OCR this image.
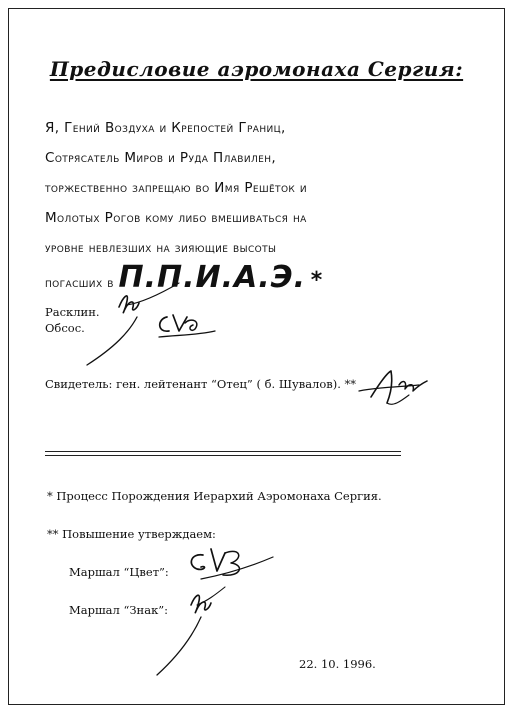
Предисловие аэромонаха Сергия:
Я, Гений Воздуха и Крепостей Границ,
Сотрясатель Миров и Руда Плавилен,
торжественно запрещаю во Имя Решёток и
Молотых Рогов кому либо вмешиваться на
уровне невлезших на зияющие высоты
погасших в П.П.И.А.Э. *
Расклин.
Обсос.
Свидетель: ген. лейтенант “Отец” ( б. Шувалов). **
* Процесс Порождения Иерархий Аэромонаха Сергия.
** Повышение утверждаем:
Маршал “Цвет”:
Маршал “Знак”:
22. 10. 1996.
